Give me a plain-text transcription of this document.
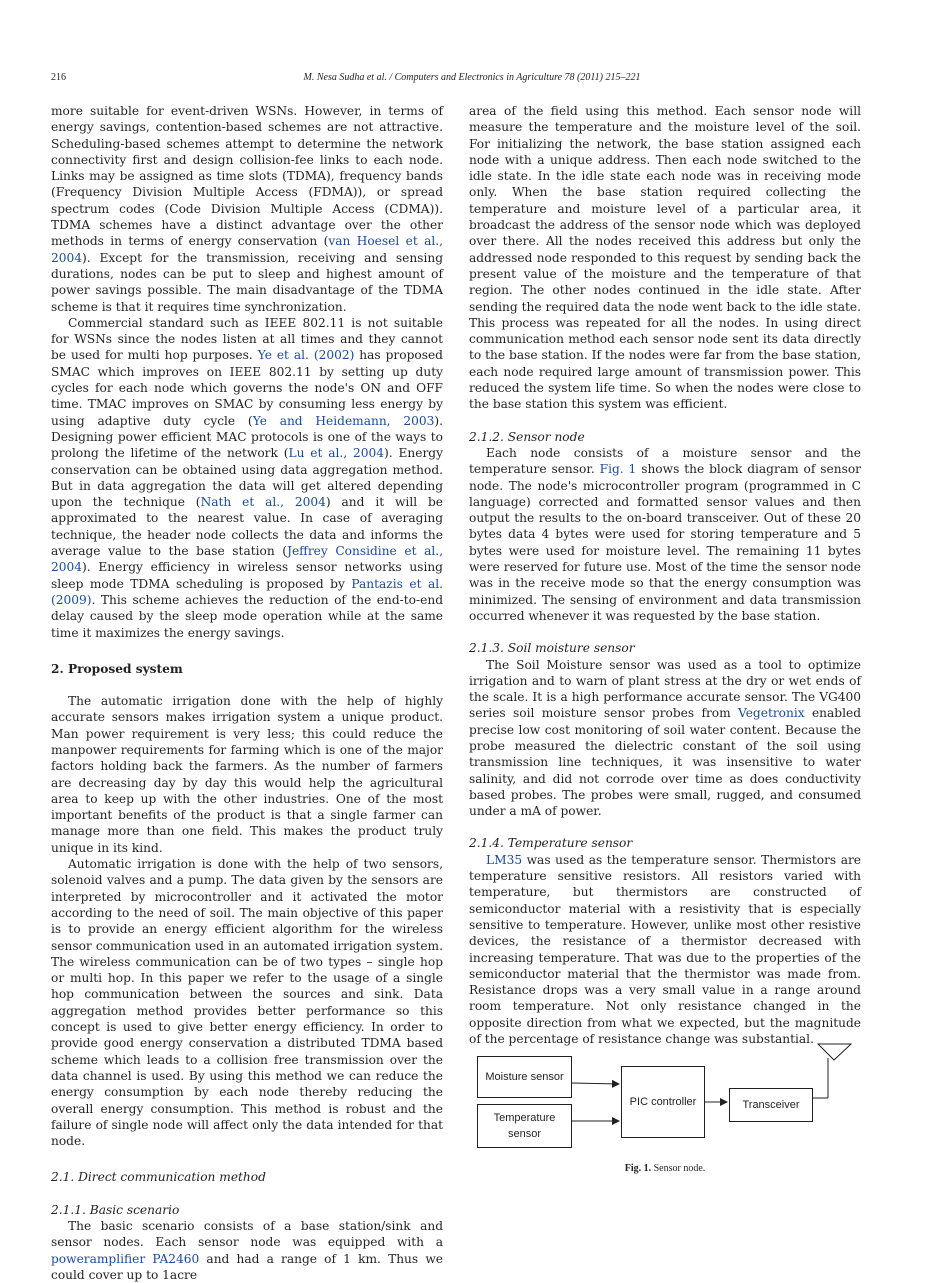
216	M. Nesa Sudha et al. / Computers and Electronics in Agriculture 78 (2011) 215–221

more suitable for event-driven WSNs. However, in terms of energy savings, contention-based schemes are not attractive. Scheduling-based schemes attempt to determine the network connectivity first and design collision-fee links to each node. Links may be assigned as time slots (TDMA), frequency bands (Frequency Division Multiple Access (FDMA)), or spread spectrum codes (Code Division Multiple Access (CDMA)). TDMA schemes have a distinct advantage over the other methods in terms of energy conservation (van Hoesel et al., 2004). Except for the transmission, receiving and sensing durations, nodes can be put to sleep and highest amount of power savings possible. The main disadvantage of the TDMA scheme is that it requires time synchronization.

Commercial standard such as IEEE 802.11 is not suitable for WSNs since the nodes listen at all times and they cannot be used for multi hop purposes. Ye et al. (2002) has proposed SMAC which improves on IEEE 802.11 by setting up duty cycles for each node which governs the node's ON and OFF time. TMAC improves on SMAC by consuming less energy by using adaptive duty cycle (Ye and Heidemann, 2003). Designing power efficient MAC protocols is one of the ways to prolong the lifetime of the network (Lu et al., 2004). Energy conservation can be obtained using data aggregation method. But in data aggregation the data will get altered depending upon the technique (Nath et al., 2004) and it will be approximated to the nearest value. In case of averaging technique, the header node collects the data and informs the average value to the base station (Jeffrey Considine et al., 2004). Energy efficiency in wireless sensor networks using sleep mode TDMA scheduling is proposed by Pantazis et al. (2009). This scheme achieves the reduction of the end-to-end delay caused by the sleep mode operation while at the same time it maximizes the energy savings.

2. Proposed system

The automatic irrigation done with the help of highly accurate sensors makes irrigation system a unique product. Man power requirement is very less; this could reduce the manpower requirements for farming which is one of the major factors holding back the farmers. As the number of farmers are decreasing day by day this would help the agricultural area to keep up with the other industries. One of the most important benefits of the product is that a single farmer can manage more than one field. This makes the product truly unique in its kind.

Automatic irrigation is done with the help of two sensors, solenoid valves and a pump. The data given by the sensors are interpreted by microcontroller and it activated the motor according to the need of soil. The main objective of this paper is to provide an energy efficient algorithm for the wireless sensor communication used in an automated irrigation system. The wireless communication can be of two types – single hop or multi hop. In this paper we refer to the usage of a single hop communication between the sources and sink. Data aggregation method provides better performance so this concept is used to give better energy efficiency. In order to provide good energy conservation a distributed TDMA based scheme which leads to a collision free transmission over the data channel is used. By using this method we can reduce the energy consumption by each node thereby reducing the overall energy consumption. This method is robust and the failure of single node will affect only the data intended for that node.

2.1. Direct communication method
2.1.1. Basic scenario

The basic scenario consists of a base station/sink and sensor nodes. Each sensor node was equipped with a poweramplifier PA2460 and had a range of 1 km. Thus we could cover up to 1acre

area of the field using this method. Each sensor node will measure the temperature and the moisture level of the soil. For initializing the network, the base station assigned each node with a unique address. Then each node switched to the idle state. In the idle state each node was in receiving mode only. When the base station required collecting the temperature and moisture level of a particular area, it broadcast the address of the sensor node which was deployed over there. All the nodes received this address but only the addressed node responded to this request by sending back the present value of the moisture and the temperature of that region. The other nodes continued in the idle state. After sending the required data the node went back to the idle state. This process was repeated for all the nodes. In using direct communication method each sensor node sent its data directly to the base station. If the nodes were far from the base station, each node required large amount of transmission power. This reduced the system life time. So when the nodes were close to the base station this system was efficient.

2.1.2. Sensor node

Each node consists of a moisture sensor and the temperature sensor. Fig. 1 shows the block diagram of sensor node. The node's microcontroller program (programmed in C language) corrected and formatted sensor values and then output the results to the on-board transceiver. Out of these 20 bytes data 4 bytes were used for storing temperature and 5 bytes were used for moisture level. The remaining 11 bytes were reserved for future use. Most of the time the sensor node was in the receive mode so that the energy consumption was minimized. The sensing of environment and data transmission occurred whenever it was requested by the base station.

2.1.3. Soil moisture sensor

The Soil Moisture sensor was used as a tool to optimize irrigation and to warn of plant stress at the dry or wet ends of the scale. It is a high performance accurate sensor. The VG400 series soil moisture sensor probes from Vegetronix enabled precise low cost monitoring of soil water content. Because the probe measured the dielectric constant of the soil using transmission line techniques, it was insensitive to water salinity, and did not corrode over time as does conductivity based probes. The probes were small, rugged, and consumed under a mA of power.

2.1.4. Temperature sensor

LM35 was used as the temperature sensor. Thermistors are temperature sensitive resistors. All resistors varied with temperature, but thermistors are constructed of semiconductor material with a resistivity that is especially sensitive to temperature. However, unlike most other resistive devices, the resistance of a thermistor decreased with increasing temperature. That was due to the properties of the semiconductor material that the thermistor was made from. Resistance drops was a very small value in a range around room temperature. Not only resistance changed in the opposite direction from what we expected, but the magnitude of the percentage of resistance change was substantial.

Moisture sensor
Temperature sensor
PIC controller	Transceiver
Fig. 1. Sensor node.
